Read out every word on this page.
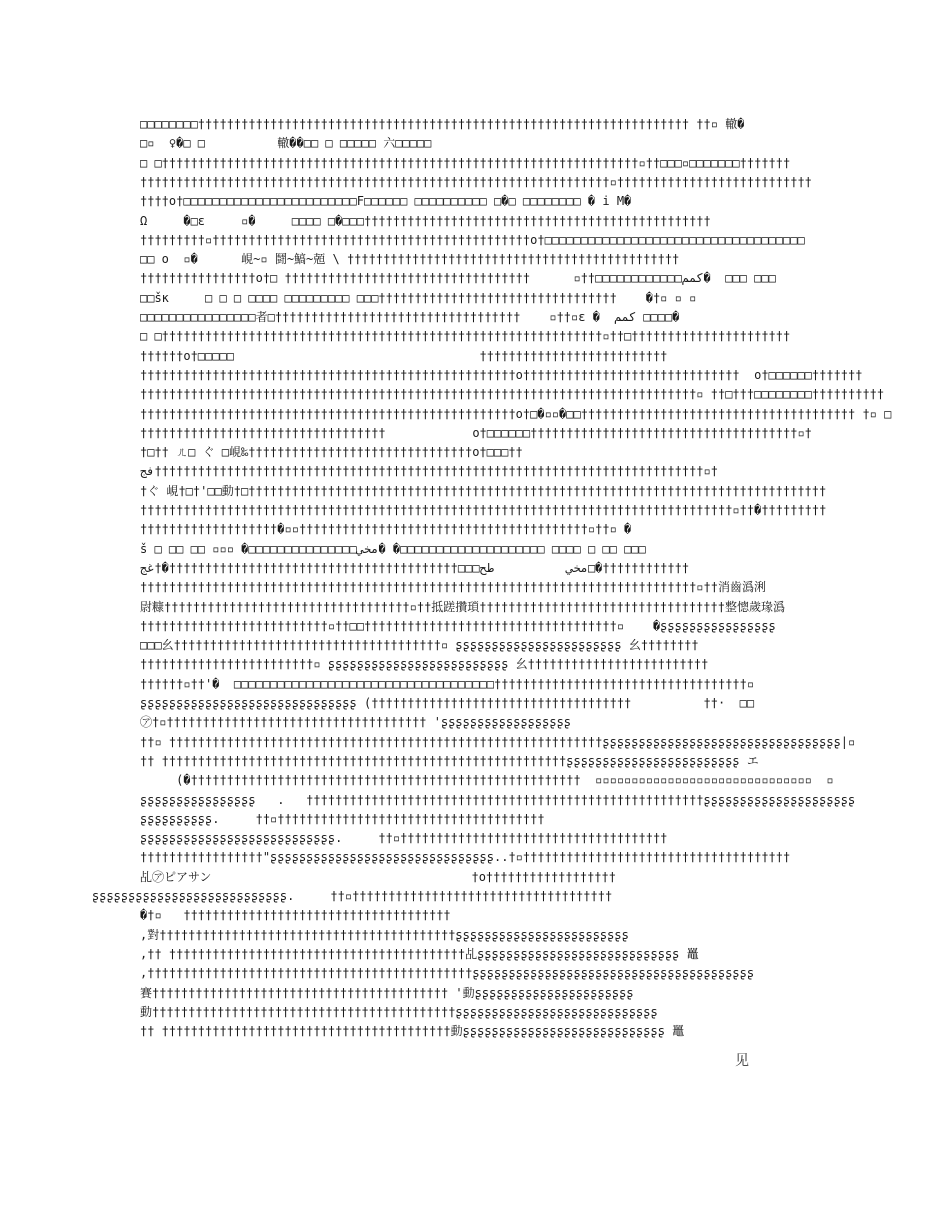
□□□□□□□□†††††††††††††††††††††††††††††††††††††††††††††††††††††††††††††††††††† ††▫ 轍�
□▫  ♀�□ □          轍��□□ □ □□□□□ 六□□□□□
□ □††††††††††††††††††††††††††††††††††††††††††††††††††††††††††††††††††▫††□□□▫□□□□□□□†††††††
†††††††††††††††††††††††††††††††††††††††††††††††††††††††††††††††††▫†††††††††††††††††††††††††††
††††o†□□□□□□□□□□□□□□□□□□□□□□□□F□□□□□□ □□□□□□□□□□ □�□ □□□□□□□□ � i M�
Ω     �□ε     ▫�     □□□□ □�□□□††††††††††††††††††††††††††††††††††††††††††††††††
†††††††††▫††††††††††††††††††††††††††††††††††††††††††††o†□□□□□□□□□□□□□□□□□□□□□□□□□□□□□□□□□□□□
□□ o  ▫�      峴~▫ 鬪~鰝~兡 \ ††††††††††††††††††††††††††††††††††††††††††††††
††††††††††††††††o†□ ††††††††††††††††††††††††††††††††††      ▫††□□□□□□□□□□□□كمم�  □□□ □□□
□□šκ     □ □ □ □□□□ □□□□□□□□□ □□□†††††††††††††††††††††††††††††††††    �†▫ ▫ ▫
□□□□□□□□□□□□□□□□者□††††††††††††††††††††††††††††††††††    ▫††▫ε �  كمم □□□□�
□ □†††††††††††††††††††††††††††††††††††††††††††††††††††††††††††††▫††□††††††††††††††††††††††
††††††o†□□□□□                                  ††††††††††††††††††††††††††
††††††††††††††††††††††††††††††††††††††††††††††††††††o††††††††††††††††††††††††††††††  o†□□□□□□†††††††
†††††††††††††††††††††††††††††††††††††††††††††††††††††††††††††††††††††††††††††▫ ††□†††□□□□□□□□††††††††††
††††††††††††††††††††††††††††††††††††††††††††††††††††o†□�▫▫�□□†††††††††††††††††††††††††††††††††††††† †▫ □
††††††††††††††††††††††††††††††††††            o†□□□□□□†††††††††††††††††††††††††††††††††††††▫†
†□†† ㄦ□ ぐ □峴‰†††††††††††††††††††††††††††††††o†□□□††
فج††††††††††††††††††††††††††††††††††††††††††††††††††††††††††††††††††††††††††††▫†
†ぐ 峴†□†'□□動†□††††††††††††††††††††††††††††††††††††††††††††††††††††††††††††††††††††††††††††††††
††††††††††††††††††††††††††††††††††††††††††††††††††††††††††††††††††††††††††††††††††▫††�†††††††††
†††††††††††††††††††�▫▫††††††††††††††††††††††††††††††††††††††††▫††▫ �
š □ □□ □□ ▫▫▫ �□□□□□□□□□□□□□□□مخي� �□□□□□□□□□□□□□□□□□□□□ □□□□ □ □□ □□□
مخي          طح□□□††††††††††††††††††††††††††††††††††††††††�†غج□�††††††††††††
†††††††††††††††††††††††††††††††††††††††††††††††††††††††††††††††††††††††††††††▫††消齒潙浰
尉糠††††††††††††††††††††††††††††††††††▫††抵蹉攢瑣††††††††††††††††††††††††††††††††††整憁歲瑑潙
††††††††††††††††††††††††††▫††□□†††††††††††††††††††††††††††††††††††▫    �ʂʂʂʂʂʂʂʂʂʂʂʂʂʂʂʂ
□□□幺†††††††††††††††††††††††††††††††††††††▫ ʂʂʂʂʂʂʂʂʂʂʂʂʂʂʂʂʂʂʂʂʂʂʂ 幺††††††††
††††††††††††††††††††††††▫ ʂʂʂʂʂʂʂʂʂʂʂʂʂʂʂʂʂʂʂʂʂʂʂʂʂ 幺†††††††††††††††††††††††††
††††††▫††'�  □□□□□□□□□□□□□□□□□□□□□□□□□□□□□□□□□□□□†††††††††††††††††††††††††††††††††††▫
ʂʂʂʂʂʂʂʂʂʂʂʂʂʂʂʂʂʂʂʂʂʂʂʂʂʂʂʂʂʂ (††††††††††††††††††††††††††††††††††††          ††·  □□
㋐†▫†††††††††††††††††††††††††††††††††††† 'ʂʂʂʂʂʂʂʂʂʂʂʂʂʂʂʂʂʂ
††▫ ††††††††††††††††††††††††††††††††††††††††††††††††††††††††††††ʂʂʂʂʂʂʂʂʂʂʂʂʂʂʂʂʂʂʂʂʂʂʂʂʂʂʂʂʂʂʂʂʂ|▫
†† ††††††††††††††††††††††††††††††††††††††††††††††††††††††††ʂʂʂʂʂʂʂʂʂʂʂʂʂʂʂʂʂʂʂʂʂʂʂʂ エ
(�††††††††††††††††††††††††††††††††††††††††††††††††††††††  ▫▫▫▫▫▫▫▫▫▫▫▫▫▫▫▫▫▫▫▫▫▫▫▫▫▫▫▫▫▫  ▫
ʂʂʂʂʂʂʂʂʂʂʂʂʂʂʂʂ   .   †††††††††††††††††††††††††††††††††††††††††††††††††††††††ʂʂʂʂʂʂʂʂʂʂʂʂʂʂʂʂʂʂʂʂʂ
ʂʂʂʂʂʂʂʂʂʂ.     ††▫†††††††††††††††††††††††††††††††††††††
ʂʂʂʂʂʂʂʂʂʂʂʂʂʂʂʂʂʂʂʂʂʂʂʂʂʂʂ.     ††▫†††††††††††††††††††††††††††††††††††††
†††††††††††††††††"ʂʂʂʂʂʂʂʂʂʂʂʂʂʂʂʂʂʂʂʂʂʂʂʂʂʂʂʂʂʂʂ..†▫†††††††††††††††††††††††††††††††††††††
乩㋐ピアサン                                    †o††††††††††††††††††
ʂʂʂʂʂʂʂʂʂʂʂʂʂʂʂʂʂʂʂʂʂʂʂʂʂʂʂ.     ††▫††††††††††††††††††††††††††††††††††††
�†▫   †††††††††††††††††††††††††††††††††††††
,對†††††††††††††††††††††††††††††††††††††††††ʂʂʂʂʂʂʂʂʂʂʂʂʂʂʂʂʂʂʂʂʂʂʂʂ
,†† †††††††††††††††††††††††††††††††††††††††††乩ʂʂʂʂʂʂʂʂʂʂʂʂʂʂʂʂʂʂʂʂʂʂʂʂʂʂʂʂ 鼉
,†††††††††††††††††††††††††††††††††††††††††††††ʂʂʂʂʂʂʂʂʂʂʂʂʂʂʂʂʂʂʂʂʂʂʂʂʂʂʂʂʂʂʂʂʂʂʂʂʂʂʂ
賽††††††††††††††††††††††††††††††††††††††††† '動ʂʂʂʂʂʂʂʂʂʂʂʂʂʂʂʂʂʂʂʂʂʂ
動††††††††††††††††††††††††††††††††††††††††††ʂʂʂʂʂʂʂʂʂʂʂʂʂʂʂʂʂʂʂʂʂʂʂʂʂʂʂʂ
†† ††††††††††††††††††††††††††††††††††††††††動ʂʂʂʂʂʂʂʂʂʂʂʂʂʂʂʂʂʂʂʂʂʂʂʂʂʂʂʂ 鼉
见
